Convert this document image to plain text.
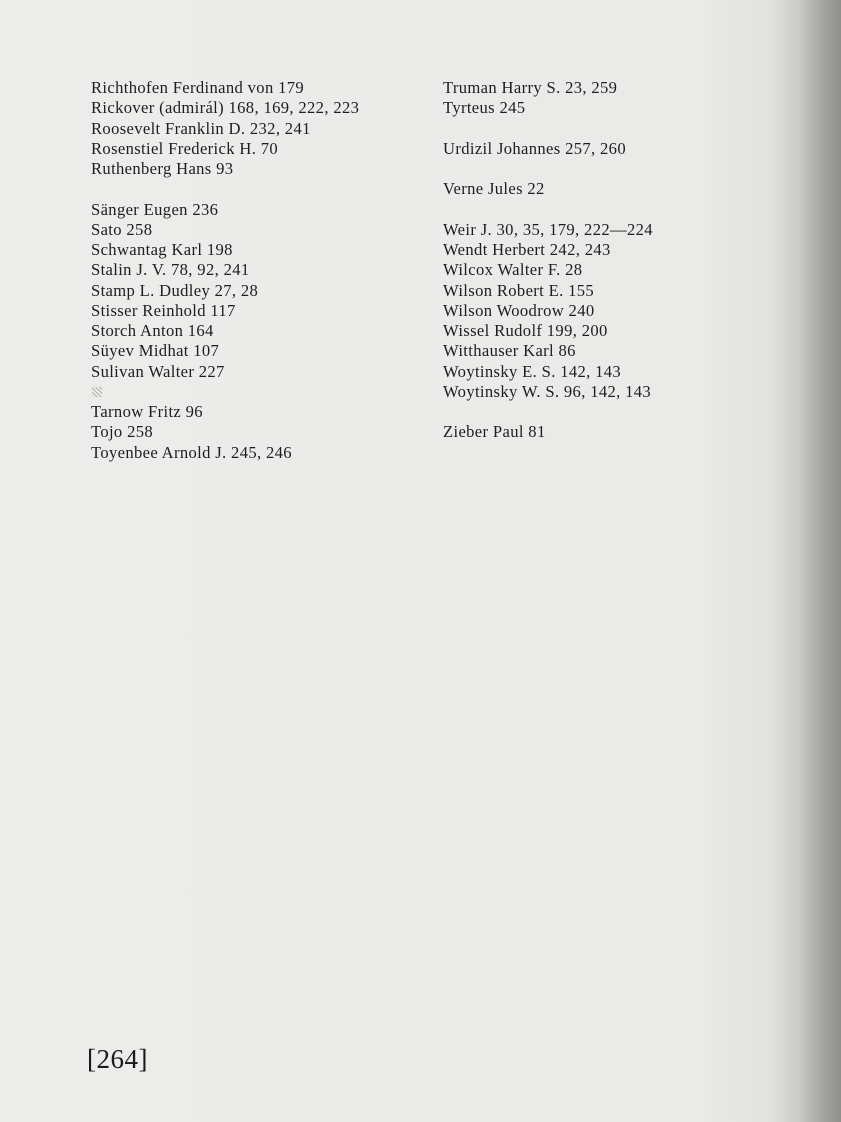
Richthofen Ferdinand von 179
Rickover (admirál) 168, 169, 222, 223
Roosevelt Franklin D. 232, 241
Rosenstiel Frederick H. 70
Ruthenberg Hans 93
Sänger Eugen 236
Sato 258
Schwantag Karl 198
Stalin J. V. 78, 92, 241
Stamp L. Dudley 27, 28
Stisser Reinhold 117
Storch Anton 164
Süyev Midhat 107
Sulivan Walter 227
Tarnow Fritz 96
Tojo 258
Toyenbee Arnold J. 245, 246
Truman Harry S. 23, 259
Tyrteus 245
Urdizil Johannes 257, 260
Verne Jules 22
Weir J. 30, 35, 179, 222—224
Wendt Herbert 242, 243
Wilcox Walter F. 28
Wilson Robert E. 155
Wilson Woodrow 240
Wissel Rudolf 199, 200
Witthauser Karl 86
Woytinsky E. S. 142, 143
Woytinsky W. S. 96, 142, 143
Zieber Paul 81
[264]
